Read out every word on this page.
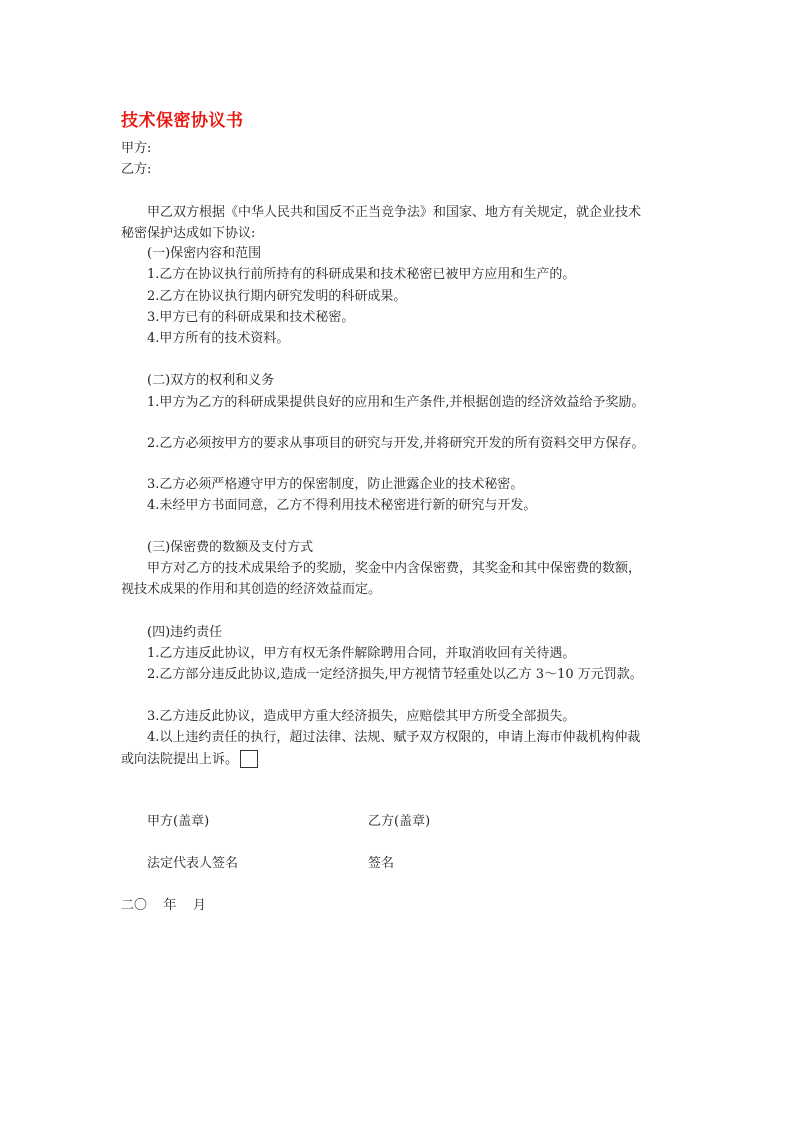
技术保密协议书
甲方:
乙方:
甲乙双方根据《中华人民共和国反不正当竞争法》和国家、地方有关规定，就企业技术
秘密保护达成如下协议:
(一)保密内容和范围
1.乙方在协议执行前所持有的科研成果和技术秘密已被甲方应用和生产的。
2.乙方在协议执行期内研究发明的科研成果。
3.甲方已有的科研成果和技术秘密。
4.甲方所有的技术资料。
(二)双方的权利和义务
1.甲方为乙方的科研成果提供良好的应用和生产条件,并根据创造的经济效益给予奖励。
2.乙方必须按甲方的要求从事项目的研究与开发,并将研究开发的所有资料交甲方保存。
3.乙方必须严格遵守甲方的保密制度，防止泄露企业的技术秘密。
4.未经甲方书面同意，乙方不得利用技术秘密进行新的研究与开发。
(三)保密费的数额及支付方式
甲方对乙方的技术成果给予的奖励，奖金中内含保密费，其奖金和其中保密费的数额，
视技术成果的作用和其创造的经济效益而定。
(四)违约责任
1.乙方违反此协议，甲方有权无条件解除聘用合同，并取消收回有关待遇。
2.乙方部分违反此协议,造成一定经济损失,甲方视情节轻重处以乙方 3～10 万元罚款。
3.乙方违反此协议，造成甲方重大经济损失，应赔偿其甲方所受全部损失。
4.以上违约责任的执行，超过法律、法规、赋予双方权限的，申请上海市仲裁机构仲裁
或向法院提出上诉。
甲方(盖章)	乙方(盖章)
法定代表人签名	签名
二〇    年    月
